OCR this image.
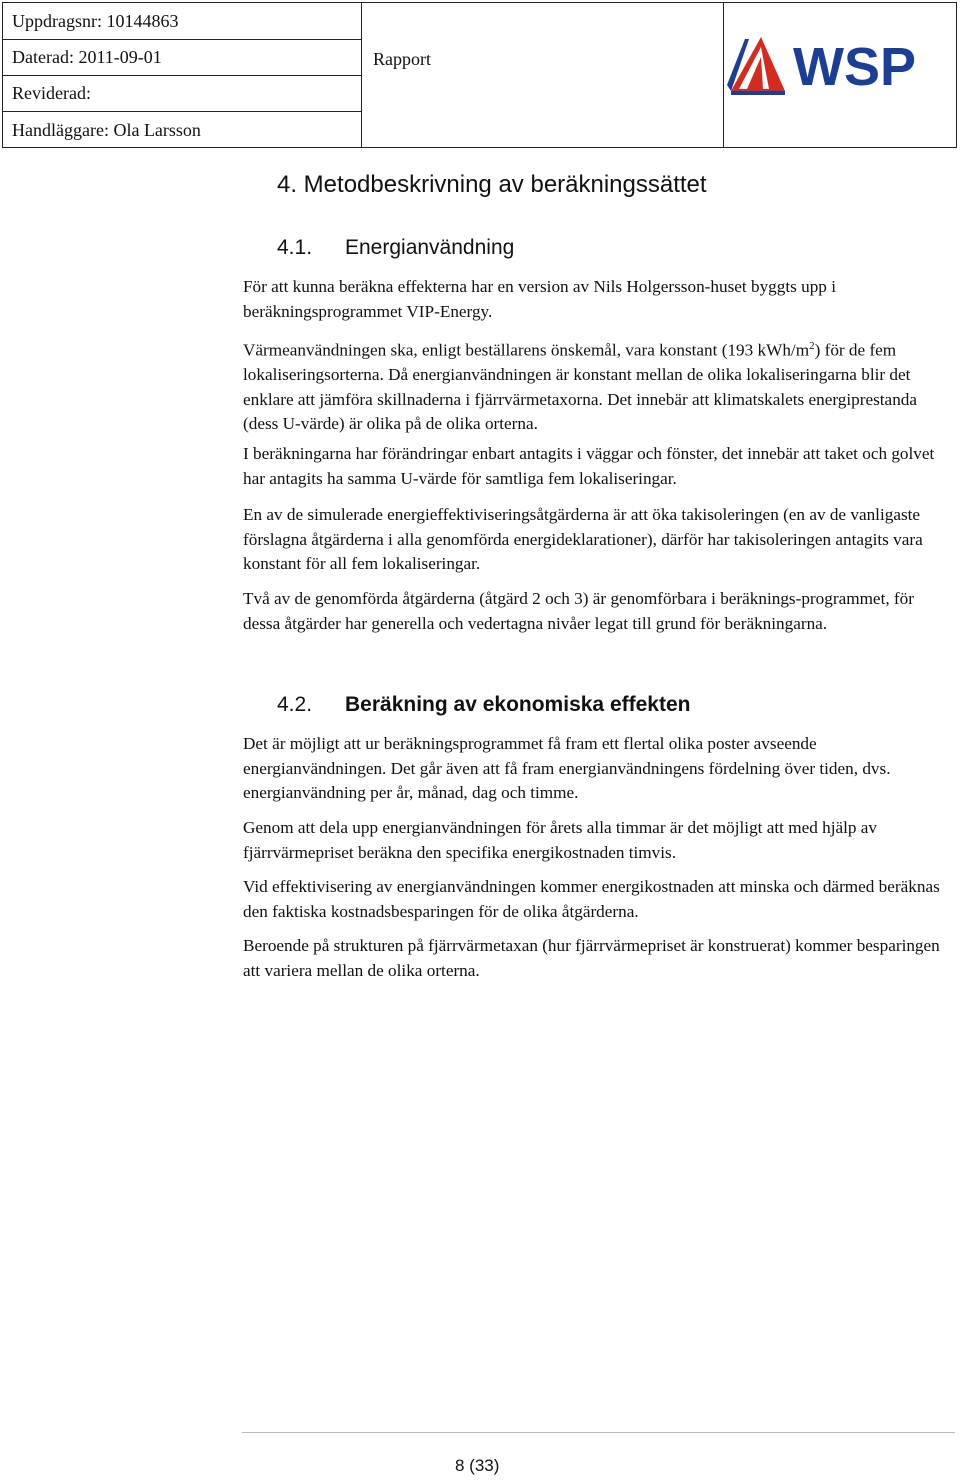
Uppdragsnr: 10144863
Daterad: 2011-09-01
Reviderad:
Handläggare: Ola Larsson
Rapport	WSP
4. Metodbeskrivning av beräkningssättet
4.1. Energianvändning

För att kunna beräkna effekterna har en version av Nils Holgersson-huset byggts upp i beräkningsprogrammet VIP-Energy.

Värmeanvändningen ska, enligt beställarens önskemål, vara konstant (193 kWh/$m^2$) för de fem lokaliseringsorterna. Då energianvändningen är konstant mellan de olika lokaliseringarna blir det enklare att jämföra skillnaderna i fjärrvärmetaxorna. Det innebär att klimatskalets energiprestanda (dess U-värde) är olika på de olika orterna.

I beräkningarna har förändringar enbart antagits i väggar och fönster, det innebär att taket och golvet har antagits ha samma U-värde för samtliga fem lokaliseringar.

En av de simulerade energieffektiviseringsåtgärderna är att öka takisoleringen (en av de vanligaste förslagna åtgärderna i alla genomförda energideklarationer), därför har takisoleringen antagits vara konstant för all fem lokaliseringar.

Två av de genomförda åtgärderna (åtgärd 2 och 3) är genomförbara i beräknings-programmet, för dessa åtgärder har generella och vedertagna nivåer legat till grund för beräkningarna.

4.2. Beräkning av ekonomiska effekten

Det är möjligt att ur beräkningsprogrammet få fram ett flertal olika poster avseende energianvändningen. Det går även att få fram energianvändningens fördelning över tiden, dvs. energianvändning per år, månad, dag och timme.

Genom att dela upp energianvändningen för årets alla timmar är det möjligt att med hjälp av fjärrvärmepriset beräkna den specifika energikostnaden timvis.

Vid effektivisering av energianvändningen kommer energikostnaden att minska och därmed beräknas den faktiska kostnadsbesparingen för de olika åtgärderna.

Beroende på strukturen på fjärrvärmetaxan (hur fjärrvärmepriset är konstruerat) kommer besparingen att variera mellan de olika orterna.

8 (33)
